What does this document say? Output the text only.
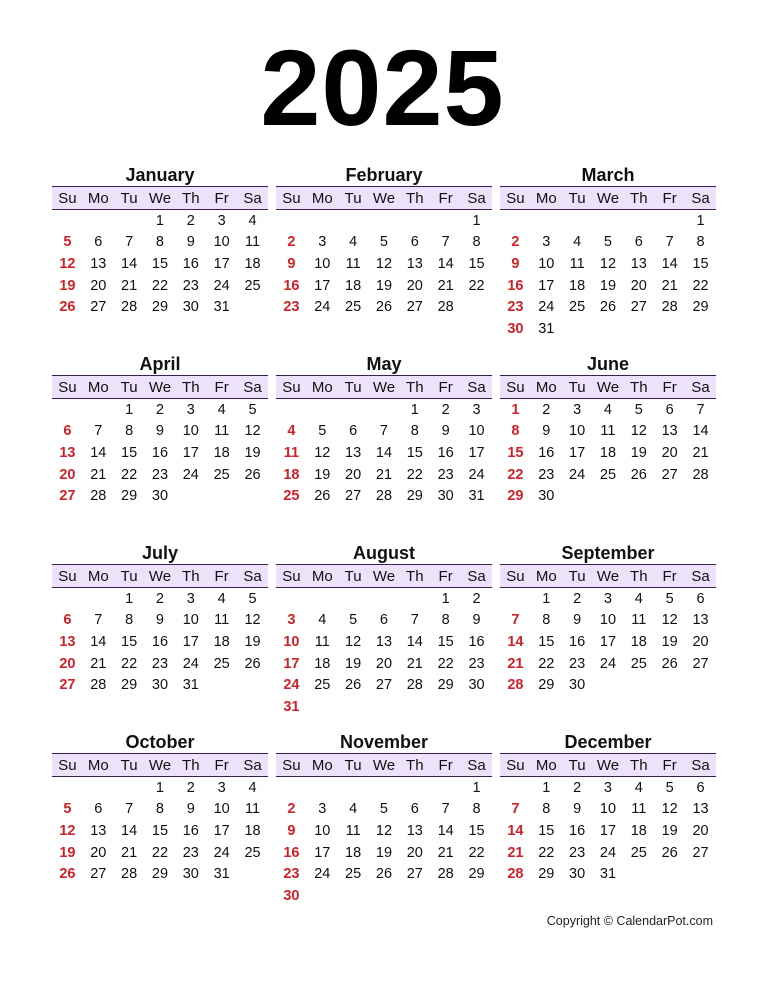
2025
January
Su	Mo	Tu	We	Th	Fr	Sa
			1	2	3	4
5	6	7	8	9	10	11
12	13	14	15	16	17	18
19	20	21	22	23	24	25
26	27	28	29	30	31	

February
Su	Mo	Tu	We	Th	Fr	Sa
						1
2	3	4	5	6	7	8
9	10	11	12	13	14	15
16	17	18	19	20	21	22
23	24	25	26	27	28	

March
Su	Mo	Tu	We	Th	Fr	Sa
						1
2	3	4	5	6	7	8
9	10	11	12	13	14	15
16	17	18	19	20	21	22
23	24	25	26	27	28	29
30	31					
April
Su	Mo	Tu	We	Th	Fr	Sa
		1	2	3	4	5
6	7	8	9	10	11	12
13	14	15	16	17	18	19
20	21	22	23	24	25	26
27	28	29	30			

May
Su	Mo	Tu	We	Th	Fr	Sa
				1	2	3
4	5	6	7	8	9	10
11	12	13	14	15	16	17
18	19	20	21	22	23	24
25	26	27	28	29	30	31

June
Su	Mo	Tu	We	Th	Fr	Sa
1	2	3	4	5	6	7
8	9	10	11	12	13	14
15	16	17	18	19	20	21
22	23	24	25	26	27	28
29	30					

July
Su	Mo	Tu	We	Th	Fr	Sa
		1	2	3	4	5
6	7	8	9	10	11	12
13	14	15	16	17	18	19
20	21	22	23	24	25	26
27	28	29	30	31		

August
Su	Mo	Tu	We	Th	Fr	Sa
					1	2
3	4	5	6	7	8	9
10	11	12	13	14	15	16
17	18	19	20	21	22	23
24	25	26	27	28	29	30
31						
September
Su	Mo	Tu	We	Th	Fr	Sa
	1	2	3	4	5	6
7	8	9	10	11	12	13
14	15	16	17	18	19	20
21	22	23	24	25	26	27
28	29	30				

October
Su	Mo	Tu	We	Th	Fr	Sa
			1	2	3	4
5	6	7	8	9	10	11
12	13	14	15	16	17	18
19	20	21	22	23	24	25
26	27	28	29	30	31	

November
Su	Mo	Tu	We	Th	Fr	Sa
						1
2	3	4	5	6	7	8
9	10	11	12	13	14	15
16	17	18	19	20	21	22
23	24	25	26	27	28	29
30						
December
Su	Mo	Tu	We	Th	Fr	Sa
	1	2	3	4	5	6
7	8	9	10	11	12	13
14	15	16	17	18	19	20
21	22	23	24	25	26	27
28	29	30	31			

Copyright © CalendarPot.com
